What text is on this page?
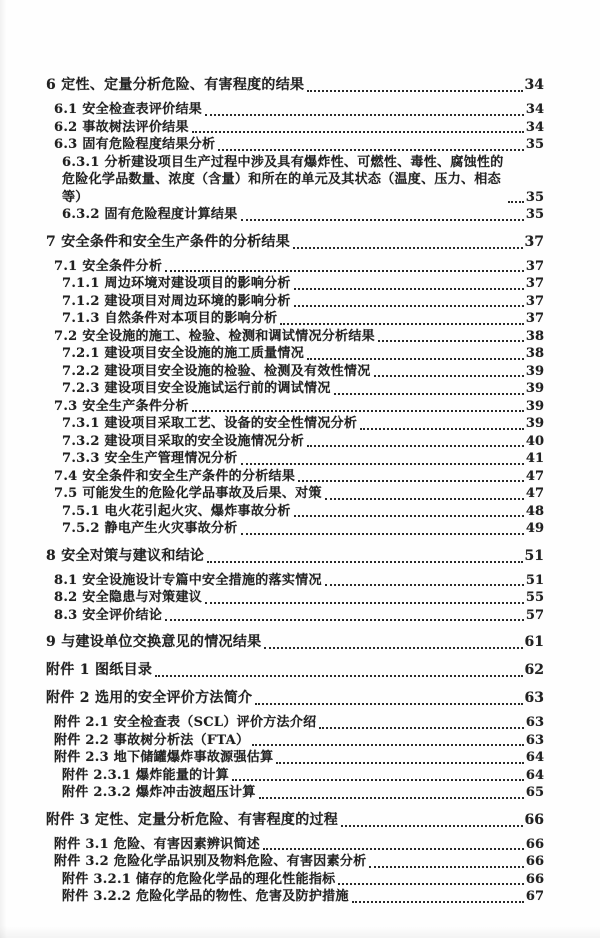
6 定性、定量分析危险、有害程度的结果	34
6.1 安全检查表评价结果	34
6.2 事故树法评价结果	34
6.3 固有危险程度结果分析	35
6.3.1 分析建设项目生产过程中涉及具有爆炸性、可燃性、毒性、腐蚀性的危险化学品数量、浓度（含量）和所在的单元及其状态（温度、压力、相态等）	35
6.3.2 固有危险程度计算结果	35
7 安全条件和安全生产条件的分析结果	37
7.1 安全条件分析	37
7.1.1 周边环境对建设项目的影响分析	37
7.1.2 建设项目对周边环境的影响分析	37
7.1.3 自然条件对本项目的影响分析	37
7.2 安全设施的施工、检验、检测和调试情况分析结果	38
7.2.1 建设项目安全设施的施工质量情况	38
7.2.2 建设项目安全设施的检验、检测及有效性情况	39
7.2.3 建设项目安全设施试运行前的调试情况	39
7.3 安全生产条件分析	39
7.3.1 建设项目采取工艺、设备的安全性情况分析	39
7.3.2 建设项目采取的安全设施情况分析	40
7.3.3 安全生产管理情况分析	41
7.4 安全条件和安全生产条件的分析结果	47
7.5 可能发生的危险化学品事故及后果、对策	47
7.5.1 电火花引起火灾、爆炸事故分析	48
7.5.2 静电产生火灾事故分析	49
8 安全对策与建议和结论	51
8.1 安全设施设计专篇中安全措施的落实情况	51
8.2 安全隐患与对策建议	55
8.3 安全评价结论	57
9 与建设单位交换意见的情况结果	61
附件 1 图纸目录	62
附件 2 选用的安全评价方法简介	63
附件 2.1 安全检查表（SCL）评价方法介绍	63
附件 2.2 事故树分析法（FTA）	63
附件 2.3 地下储罐爆炸事故源强估算	64
附件 2.3.1 爆炸能量的计算	64
附件 2.3.2 爆炸冲击波超压计算	65
附件 3 定性、定量分析危险、有害程度的过程	66
附件 3.1 危险、有害因素辨识简述	66
附件 3.2 危险化学品识别及物料危险、有害因素分析	66
附件 3.2.1 储存的危险化学品的理化性能指标	66
附件 3.2.2 危险化学品的物性、危害及防护措施	67
